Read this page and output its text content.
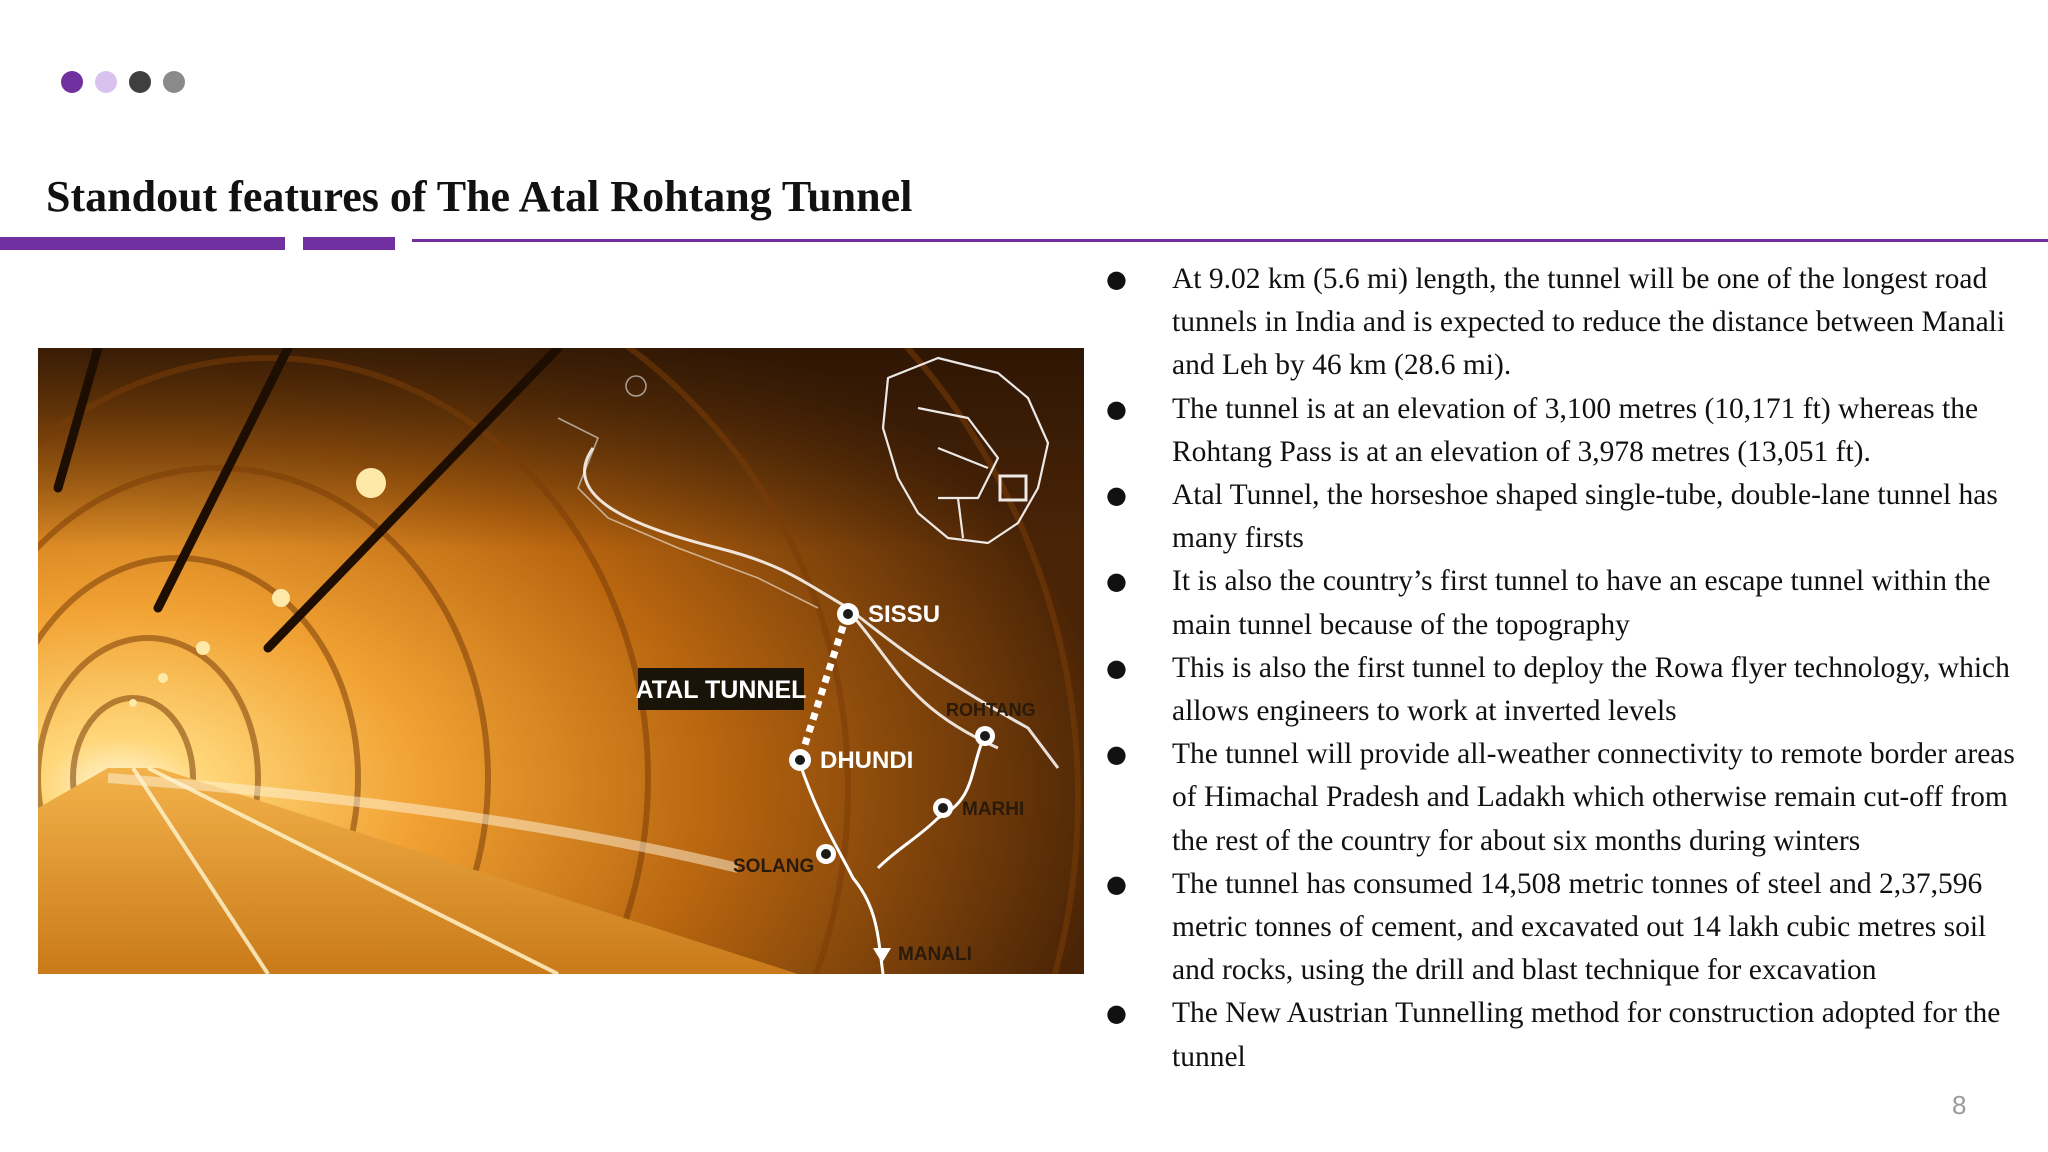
Standout features of The Atal Rohtang Tunnel
ATAL TUNNEL
SISSU
DHUNDI
ROHTANG
MARHI
SOLANG
MANALI
● At 9.02 km (5.6 mi) length, the tunnel will be one of the longest road tunnels in India and is expected to reduce the distance between Manali and Leh by 46 km (28.6 mi).
● The tunnel is at an elevation of 3,100 metres (10,171 ft) whereas the Rohtang Pass is at an elevation of 3,978 metres (13,051 ft).
● Atal Tunnel, the horseshoe shaped single-tube, double-lane tunnel has many firsts
● It is also the country’s first tunnel to have an escape tunnel within the main tunnel because of the topography
● This is also the first tunnel to deploy the Rowa flyer technology, which allows engineers to work at inverted levels
● The tunnel will provide all-weather connectivity to remote border areas of Himachal Pradesh and Ladakh which otherwise remain cut-off from the rest of the country for about six months during winters
● The tunnel has consumed 14,508 metric tonnes of steel and 2,37,596 metric tonnes of cement, and excavated out 14 lakh cubic metres soil and rocks, using the drill and blast technique for excavation
● The New Austrian Tunnelling method for construction adopted for the tunnel
8
